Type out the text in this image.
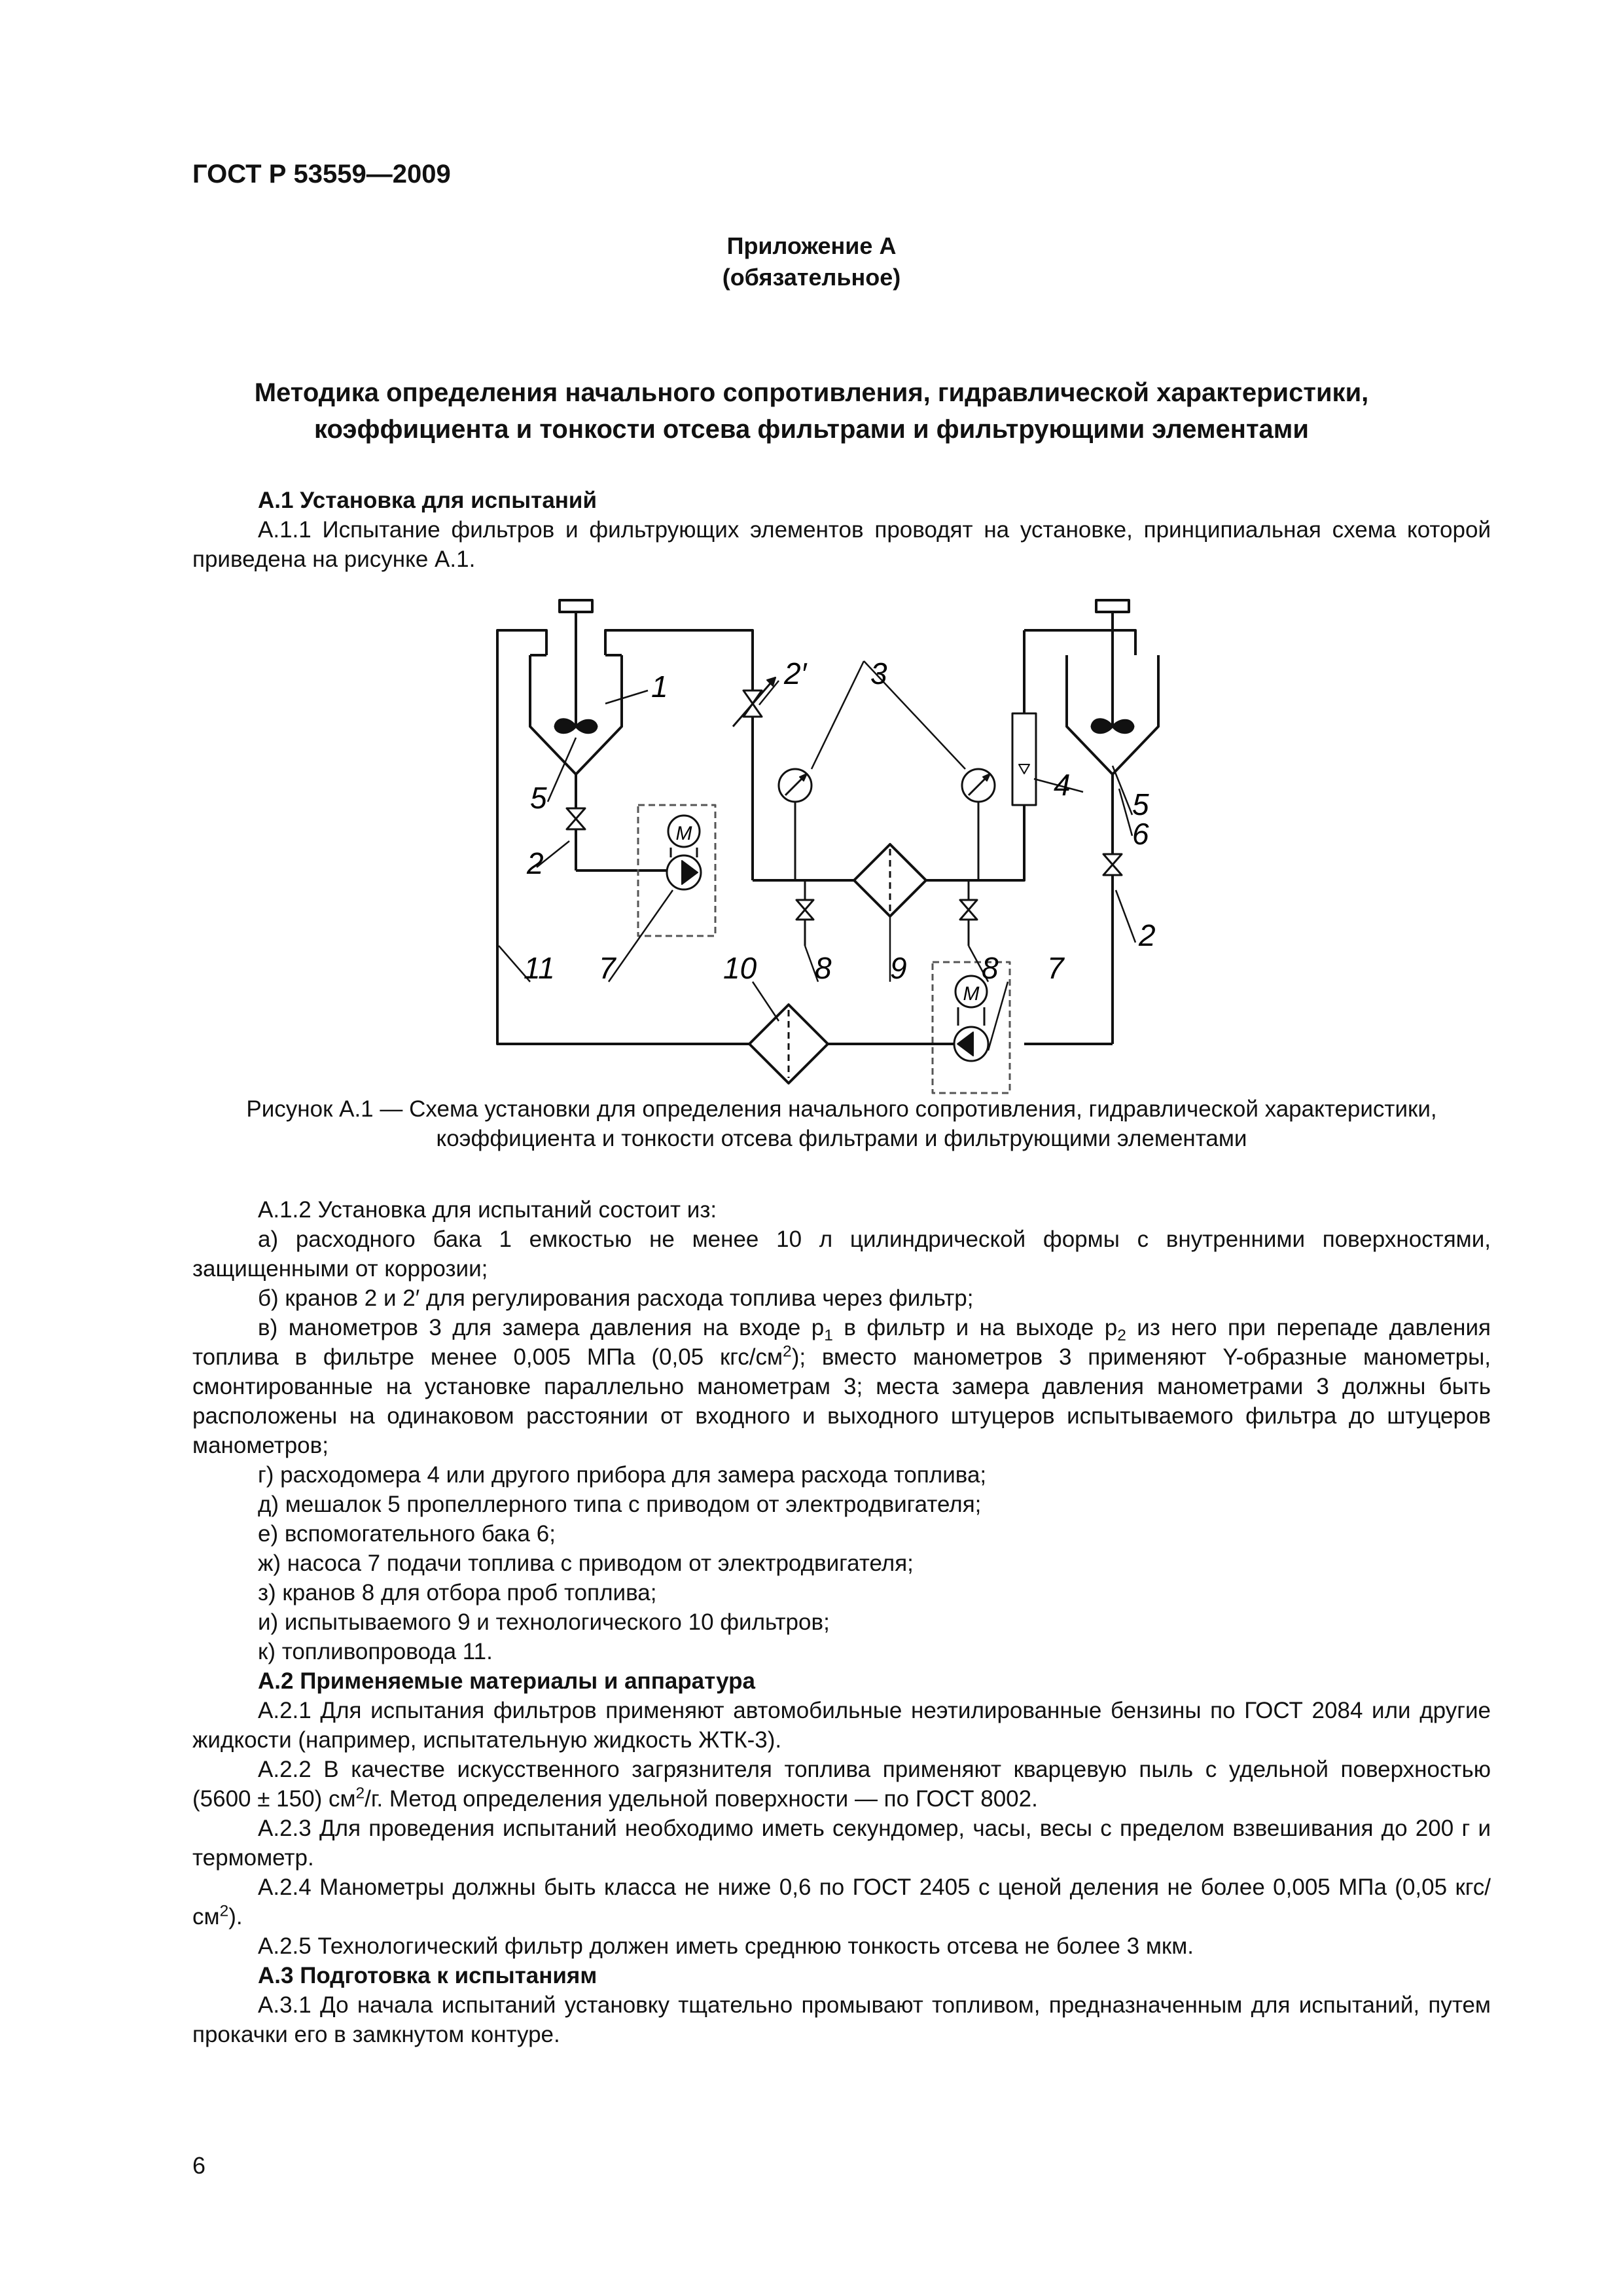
ГОСТ Р 53559—2009
Приложение А
(обязательное)
Методика определения начального сопротивления, гидравлической характеристики,
коэффициента и тонкости отсева фильтрами и фильтрующими элементами

А.1 Установка для испытаний

А.1.1 Испытание фильтров и фильтрующих элементов проводят на установке, принципиальная схема которой приведена на рисунке А.1.

M
M
1	2′ 3
4
5	5
6
2
2
11 7	10 8 9 8 7
Рисунок А.1 — Схема установки для определения начального сопротивления, гидравлической характеристики,
коэффициента и тонкости отсева фильтрами и фильтрующими элементами

А.1.2 Установка для испытаний состоит из:

а) расходного бака 1 емкостью не менее 10 л цилиндрической формы с внутренними поверхностями, защищенными от коррозии;

б) кранов 2 и 2′ для регулирования расхода топлива через фильтр;

в) манометров 3 для замера давления на входе $p_1$ в фильтр и на выходе $p_2$ из него при перепаде давления топлива в фильтре менее 0,005 МПа (0,05 кгс/$см^2$); вместо манометров 3 применяют Y-образные манометры, смонтированные на установке параллельно манометрам 3; места замера давления манометрами 3 должны быть расположены на одинаковом расстоянии от входного и выходного штуцеров испытываемого фильтра до штуцеров манометров;

г) расходомера 4 или другого прибора для замера расхода топлива;

д) мешалок 5 пропеллерного типа с приводом от электродвигателя;

е) вспомогательного бака 6;

ж) насоса 7 подачи топлива с приводом от электродвигателя;

з) кранов 8 для отбора проб топлива;

и) испытываемого 9 и технологического 10 фильтров;

к) топливопровода 11.

А.2 Применяемые материалы и аппаратура

А.2.1 Для испытания фильтров применяют автомобильные неэтилированные бензины по ГОСТ 2084 или другие жидкости (например, испытательную жидкость ЖТК-3).

А.2.2 В качестве искусственного загрязнителя топлива применяют кварцевую пыль с удельной поверхностью (5600 ± 150) $см^2/г$. Метод определения удельной поверхности — по ГОСТ 8002.

А.2.3 Для проведения испытаний необходимо иметь секундомер, часы, весы с пределом взвешивания до 200 г и термометр.

А.2.4 Манометры должны быть класса не ниже 0,6 по ГОСТ 2405 с ценой деления не более 0,005 МПа (0,05 кгс/$см^2$).

А.2.5 Технологический фильтр должен иметь среднюю тонкость отсева не более 3 мкм.

А.3 Подготовка к испытаниям

А.3.1 До начала испытаний установку тщательно промывают топливом, предназначенным для испытаний, путем прокачки его в замкнутом контуре.

6
